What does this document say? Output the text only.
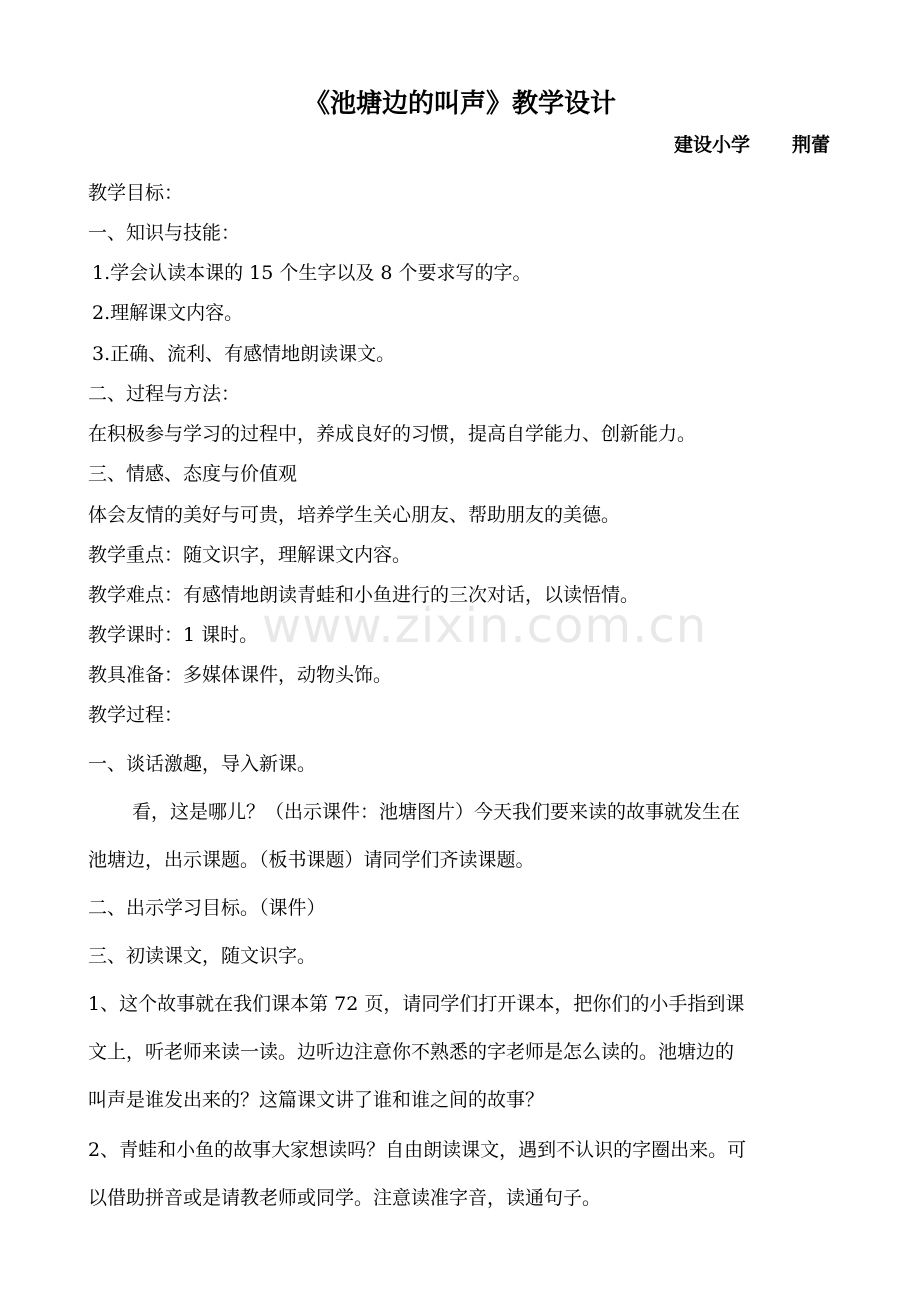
《池塘边的叫声》教学设计
建设小学 荆蕾
教学目标：
一、知识与技能：
1.学会认读本课的 15 个生字以及 8 个要求写的字。
2.理解课文内容。
3.正确、流利、有感情地朗读课文。
二、过程与方法：
在积极参与学习的过程中，养成良好的习惯，提高自学能力、创新能力。
三、情感、态度与价值观
体会友情的美好与可贵，培养学生关心朋友、帮助朋友的美德。
教学重点：随文识字，理解课文内容。
教学难点：有感情地朗读青蛙和小鱼进行的三次对话，以读悟情。
教学课时：1 课时。
教具准备：多媒体课件，动物头饰。
教学过程：
一、谈话激趣，导入新课。
看，这是哪儿？（出示课件：池塘图片）今天我们要来读的故事就发生在
池塘边，出示课题。（板书课题）请同学们齐读课题。
二、出示学习目标。（课件）
三、初读课文，随文识字。
1、这个故事就在我们课本第 72 页，请同学们打开课本，把你们的小手指到课
文上，听老师来读一读。边听边注意你不熟悉的字老师是怎么读的。池塘边的
叫声是谁发出来的？这篇课文讲了谁和谁之间的故事？
2、青蛙和小鱼的故事大家想读吗？自由朗读课文，遇到不认识的字圈出来。可
以借助拼音或是请教老师或同学。注意读准字音，读通句子。
www.zixin.com.cn
